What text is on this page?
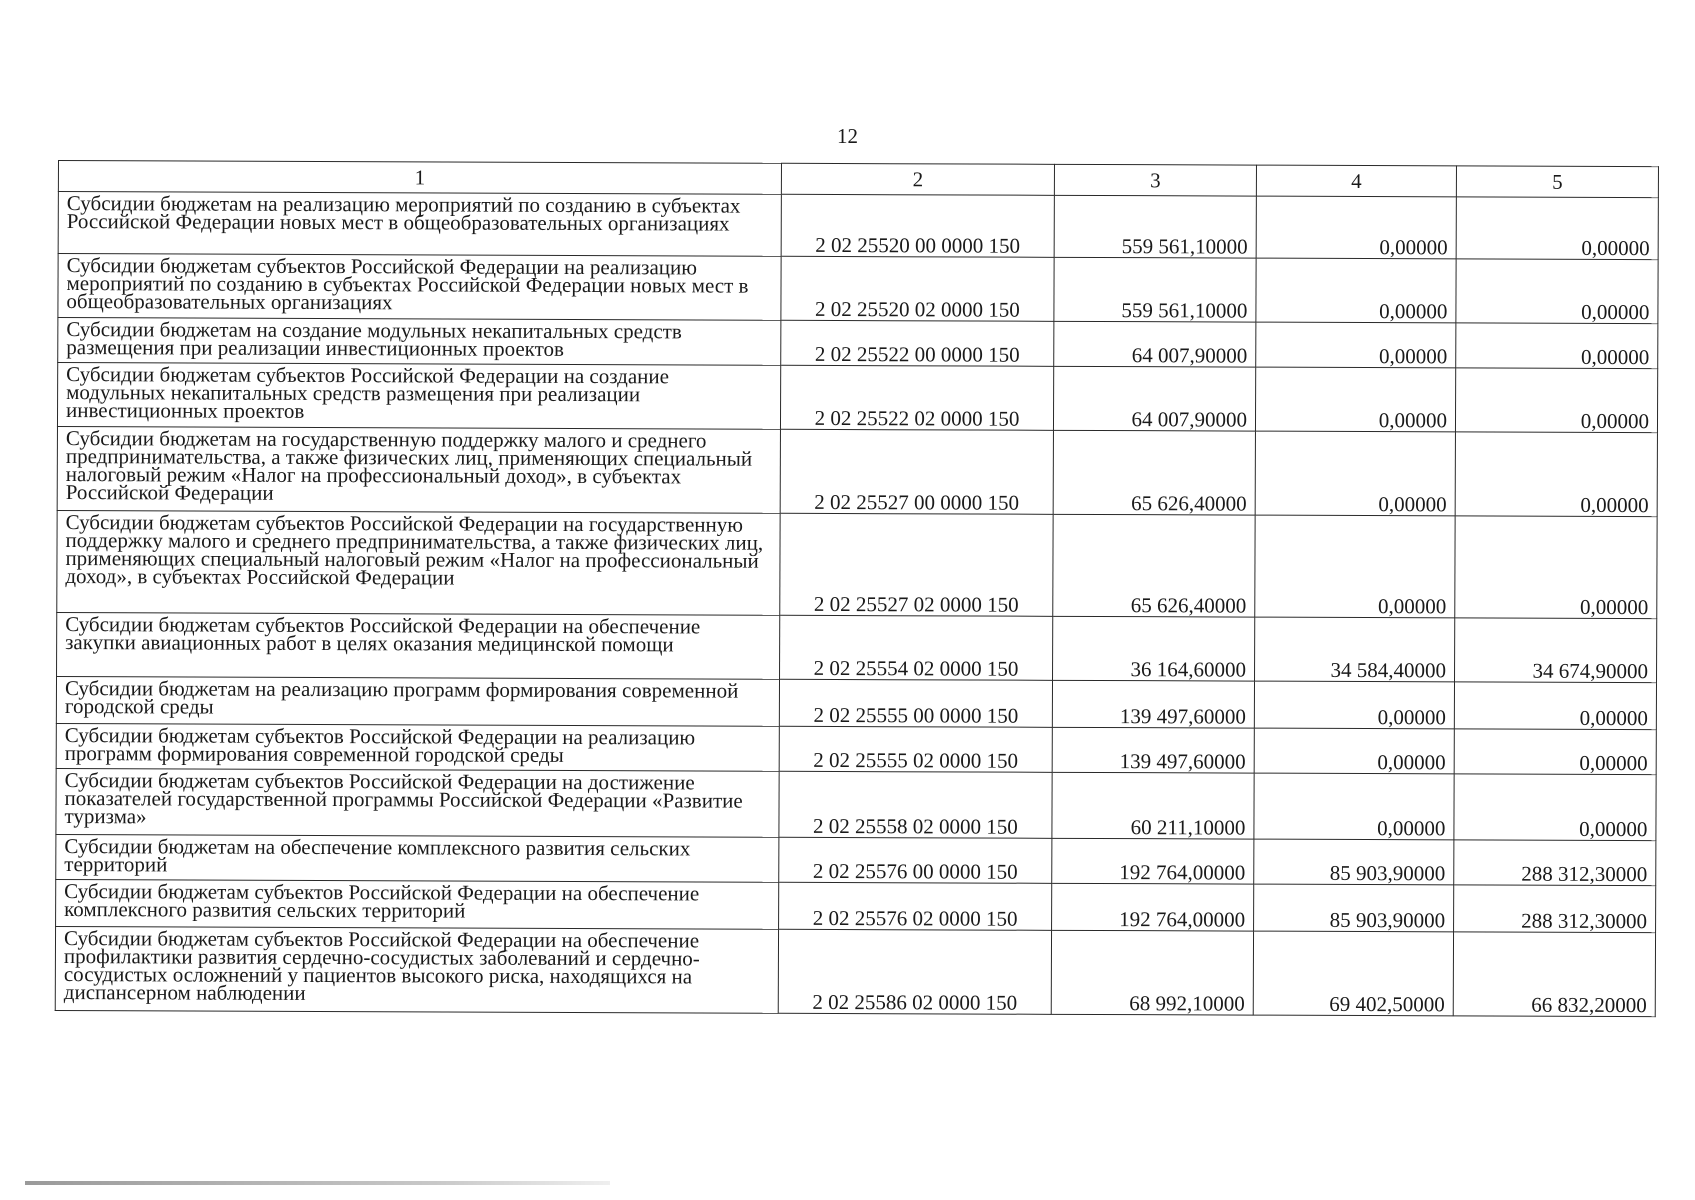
12
1	2	3	4	5
Субсидии бюджетам на реализацию мероприятий по созданию в субъектах Российской Федерации новых мест в общеобразовательных организациях	2 02 25520 00 0000 150	559 561,10000	0,00000	0,00000
Субсидии бюджетам субъектов Российской Федерации на реализацию мероприятий по созданию в субъектах Российской Федерации новых мест в общеобразовательных организациях	2 02 25520 02 0000 150	559 561,10000	0,00000	0,00000
Субсидии бюджетам на создание модульных некапитальных средств размещения при реализации инвестиционных проектов	2 02 25522 00 0000 150	64 007,90000	0,00000	0,00000
Субсидии бюджетам субъектов Российской Федерации на создание модульных некапитальных средств размещения при реализации инвестиционных проектов	2 02 25522 02 0000 150	64 007,90000	0,00000	0,00000
Субсидии бюджетам на государственную поддержку малого и среднего предпринимательства, а также физических лиц, применяющих специальный налоговый режим «Налог на профессиональный доход», в субъектах Российской Федерации	2 02 25527 00 0000 150	65 626,40000	0,00000	0,00000
Субсидии бюджетам субъектов Российской Федерации на государственную поддержку малого и среднего предпринимательства, а также физических лиц, применяющих специальный налоговый режим «Налог на профессиональный доход», в субъектах Российской Федерации	2 02 25527 02 0000 150	65 626,40000	0,00000	0,00000
Субсидии бюджетам субъектов Российской Федерации на обеспечение закупки авиационных работ в целях оказания медицинской помощи	2 02 25554 02 0000 150	36 164,60000	34 584,40000	34 674,90000
Субсидии бюджетам на реализацию программ формирования современной городской среды	2 02 25555 00 0000 150	139 497,60000	0,00000	0,00000
Субсидии бюджетам субъектов Российской Федерации на реализацию программ формирования современной городской среды	2 02 25555 02 0000 150	139 497,60000	0,00000	0,00000
Субсидии бюджетам субъектов Российской Федерации на достижение показателей государственной программы Российской Федерации «Развитие туризма»	2 02 25558 02 0000 150	60 211,10000	0,00000	0,00000
Субсидии бюджетам на обеспечение комплексного развития сельских территорий	2 02 25576 00 0000 150	192 764,00000	85 903,90000	288 312,30000
Субсидии бюджетам субъектов Российской Федерации на обеспечение комплексного развития сельских территорий	2 02 25576 02 0000 150	192 764,00000	85 903,90000	288 312,30000
Субсидии бюджетам субъектов Российской Федерации на обеспечение профилактики развития сердечно-сосудистых заболеваний и сердечно-сосудистых осложнений у пациентов высокого риска, находящихся на диспансерном наблюдении	2 02 25586 02 0000 150	68 992,10000	69 402,50000	66 832,20000
